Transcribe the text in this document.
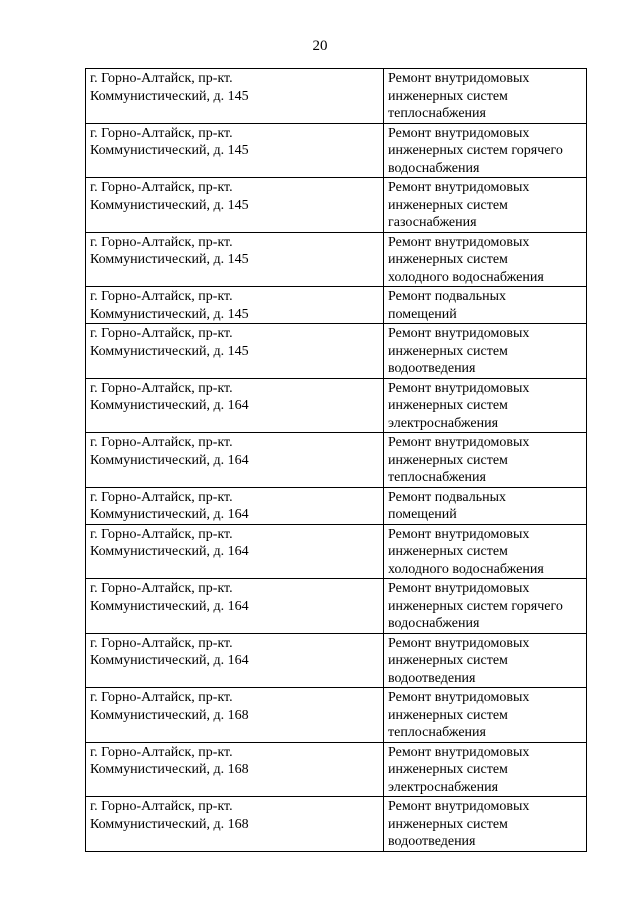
20
г. Горно-Алтайск, пр-кт.
Коммунистический, д. 145	Ремонт внутридомовых
инженерных систем
теплоснабжения

г. Горно-Алтайск, пр-кт.
Коммунистический, д. 145	Ремонт внутридомовых
инженерных систем горячего
водоснабжения

г. Горно-Алтайск, пр-кт.
Коммунистический, д. 145	Ремонт внутридомовых
инженерных систем
газоснабжения

г. Горно-Алтайск, пр-кт.
Коммунистический, д. 145	Ремонт внутридомовых
инженерных систем
холодного водоснабжения

г. Горно-Алтайск, пр-кт.
Коммунистический, д. 145	Ремонт подвальных
помещений

г. Горно-Алтайск, пр-кт.
Коммунистический, д. 145	Ремонт внутридомовых
инженерных систем
водоотведения

г. Горно-Алтайск, пр-кт.
Коммунистический, д. 164	Ремонт внутридомовых
инженерных систем
электроснабжения

г. Горно-Алтайск, пр-кт.
Коммунистический, д. 164	Ремонт внутридомовых
инженерных систем
теплоснабжения

г. Горно-Алтайск, пр-кт.
Коммунистический, д. 164	Ремонт подвальных
помещений

г. Горно-Алтайск, пр-кт.
Коммунистический, д. 164	Ремонт внутридомовых
инженерных систем
холодного водоснабжения

г. Горно-Алтайск, пр-кт.
Коммунистический, д. 164	Ремонт внутридомовых
инженерных систем горячего
водоснабжения

г. Горно-Алтайск, пр-кт.
Коммунистический, д. 164	Ремонт внутридомовых
инженерных систем
водоотведения

г. Горно-Алтайск, пр-кт.
Коммунистический, д. 168	Ремонт внутридомовых
инженерных систем
теплоснабжения

г. Горно-Алтайск, пр-кт.
Коммунистический, д. 168	Ремонт внутридомовых
инженерных систем
электроснабжения

г. Горно-Алтайск, пр-кт.
Коммунистический, д. 168	Ремонт внутридомовых
инженерных систем
водоотведения
